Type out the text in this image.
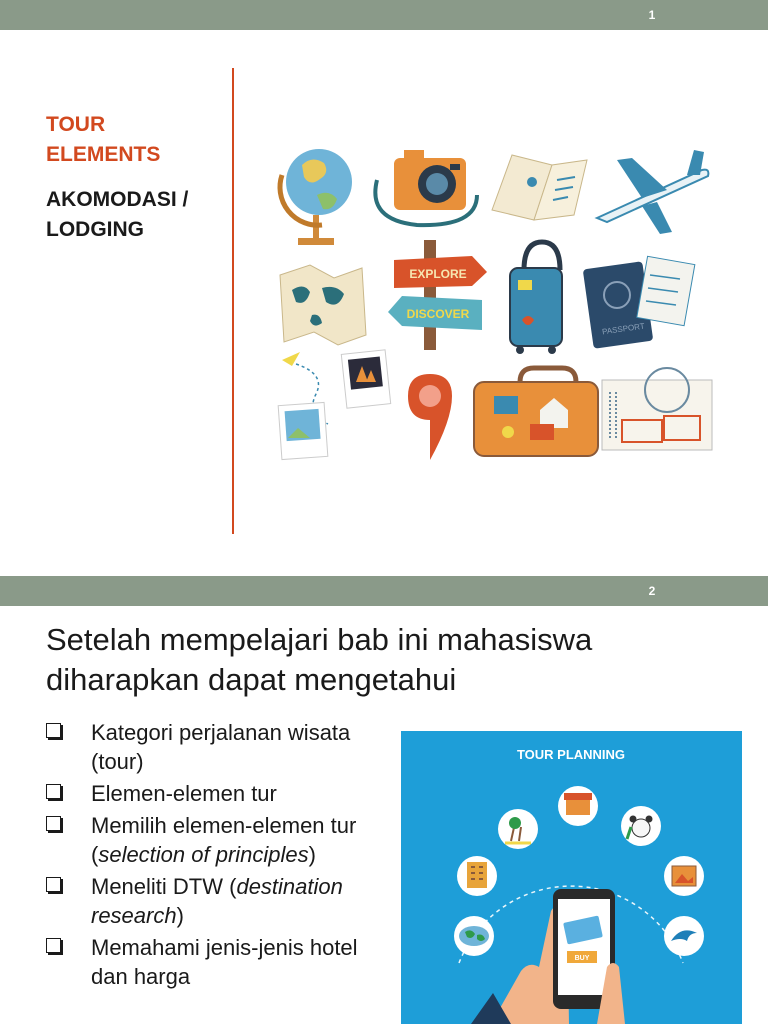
1
TOUR ELEMENTS
AKOMODASI / LODGING
EXPLORE
DISCOVER
PASSPORT
2
Setelah mempelajari bab ini mahasiswa diharapkan dapat mengetahui
Kategori perjalanan wisata (tour)
Elemen-elemen tur
Memilih elemen-elemen tur (selection of principles)
Meneliti DTW (destination research)
Memahami jenis-jenis hotel dan harga
TOUR PLANNING
BUY
